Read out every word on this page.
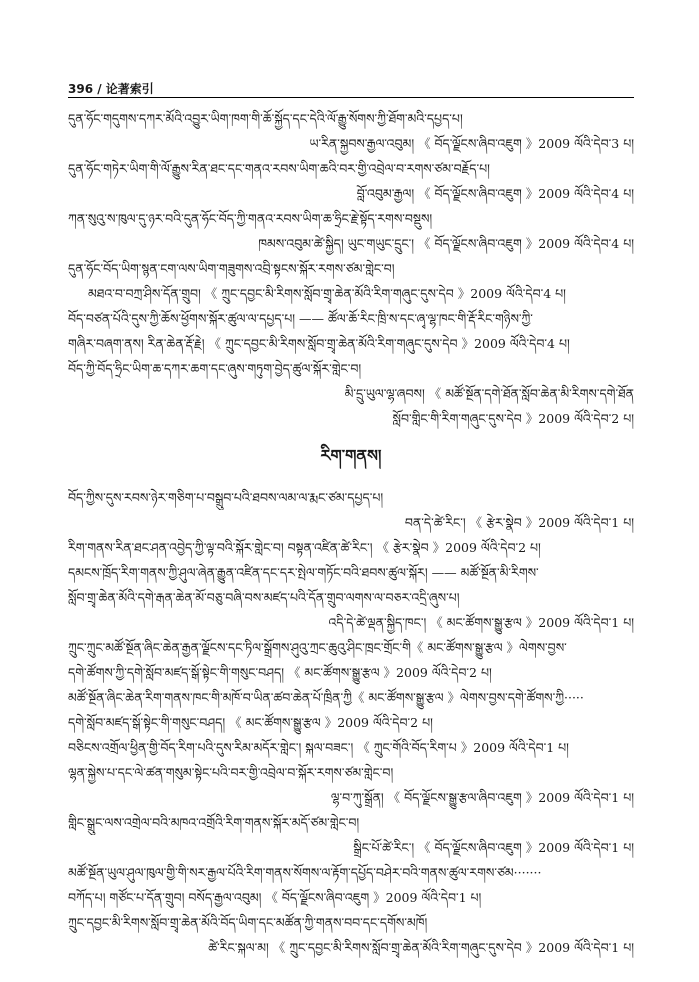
396 / 论著索引
དུན་ཧོང་གདུགས་དཀར་མོའི་འབྱུར་ཡིག་ཁག་གི་ཆོ་སྐྱོད་དང་དེའི་ལོ་རྒྱུ་སོགས་ཀྱི་ཐོག་མའི་དཔྱད་པ།
ཡ་རིན་སྐྱབས་རྒྱལ་འབུམ། 《 བོད་ལྗོངས་ཞིབ་འཇུག 》2009 ལོའི་དེབ་3 པ།
དུན་ཧོང་གཏེར་ཡིག་གི་ལོ་རྒྱུས་རིན་ཐང་དང་གནའ་རབས་ཡིག་ཆའི་བར་གྱི་འབྲེལ་བ་རགས་ཙམ་བརྗོད་པ།
བློ་འབུམ་རྒྱལ། 《 བོད་ལྗོངས་ཞིབ་འཇུག 》2009 ལོའི་དེབ་4 པ།
ཀན་སུའུ་ས་ཁུལ་དུ་ཉར་བའི་དུན་ཧོང་བོད་ཀྱི་གནའ་རབས་ཡིག་ཆ་ཧྲིང་རྗེ་སྟོད་རགས་བསྡུས།
ཁམས་འབུམ་ཚེ་སྐྱིད། ཡུང་གཡུང་དྲུང་། 《 བོད་ལྗོངས་ཞིབ་འཇུག 》2009 ལོའི་དེབ་4 པ།
དུན་ཧོང་བོད་ཡིག་སྙན་ངག་ལས་ཡིག་གཟུགས་འབྲི་སྟངས་སྐོར་རགས་ཙམ་གླེང་བ།
མཐའ་བ་བཀྲ་ཤིས་དོན་གྲུབ། 《 ཀྲུང་དབྱང་མི་རིགས་སློབ་གྲྭ་ཆེན་མོའི་རིག་གཞུང་དུས་དེབ 》2009 ལོའི་དེབ་4 པ།
བོད་བཙན་པོའི་དུས་ཀྱི་ཆོས་ཕྱོགས་སྐོར་ཚུལ་ལ་དཔྱད་པ། —— ཚོལ་ཆོ་རིང་ཁྲི་ས་དང་ཞྭ་ལྷ་ཁང་གི་རྡོ་རིང་གཉིས་ཀྱི་
གཞིར་བཞག་ནས། རིན་ཆེན་རྡོ་རྗེ། 《 ཀྲུང་དབྱང་མི་རིགས་སློབ་གྲྭ་ཆེན་མོའི་རིག་གཞུང་དུས་དེབ 》2009 ལོའི་དེབ་4 པ།
བོད་ཀྱི་བོད་ཧྲིང་ཡིག་ཆ་དཀར་ཆག་དང་ཞུས་གཏུག་བྱེད་ཚུལ་སྐོར་གླེང་བ།
མི་དྲུ་ཡུལ་ལྷ་ཞབས། 《 མཚོ་སྔོན་དགེ་ཐོན་སློབ་ཆེན་མི་རིགས་དགེ་ཐོན
སློབ་གླིང་གི་རིག་གཞུང་དུས་དེབ 》2009 ལོའི་དེབ་2 པ།
རིག་གནས།
བོད་ཀྱིས་དུས་རབས་ཉེར་གཅིག་པ་བསྒྲུབ་པའི་ཐབས་ལམ་ལ་རྨང་ཙམ་དཔྱད་པ།
བན་དེ་ཚེ་རིང་། 《 རྩེར་སྣེབ 》2009 ལོའི་དེབ་1 པ།
རིག་གནས་རིན་ཐང་ཤན་འབྱེད་ཀྱི་ལྟ་བའི་སྐོར་གླེང་བ། བསྟན་འཛིན་ཚེ་རིང་། 《 རྩེར་སྣེབ 》2009 ལོའི་དེབ་2 པ།
དམངས་ཁྲོད་རིག་གནས་ཀྱི་ཤུལ་ཞེན་རྒྱུན་འཛིན་དང་དར་སྤེལ་གཏོང་བའི་ཐབས་ཚུལ་སྐོར། —— མཚོ་སྔོན་མི་རིགས་
སློབ་གྲྭ་ཆེན་མོའི་དགེ་རྒན་ཆེན་མོ་བཅུ་བཞི་བས་མཛད་པའི་དོན་གྲུབ་ལགས་ལ་བཅར་འདྲི་ཞུས་པ།
འདི་དེ་ཚེ་ལྡན་སྐྱིད་ཁང་། 《 མང་ཚོགས་སྒྱུ་རྩལ 》2009 ལོའི་དེབ་1 པ།
ཀྲུང་ཀྲུང་མཚོ་སྔོན་ཞིང་ཆེན་རྒྱན་ལྗོངས་དང་ཏིལ་སྒྲོགས་ཤུའུ་ཀྲང་ཆུའུ་ཤིང་ཁྲང་གྲོང་གི《 མང་ཚོགས་སྒྱུ་རྩལ 》ལེགས་བྱས་
དགེ་ཚོགས་ཀྱི་དགེ་སློབ་མཛད་སྒོ་སྟེང་གི་གསུང་བཤད། 《 མང་ཚོགས་སྒྱུ་རྩལ 》2009 ལོའི་དེབ་2 པ།
མཚོ་སྔོན་ཞིང་ཆེན་རིག་གནས་ཁང་གི་མཁོ་བ་ཡིན་ཚབ་ཆེན་པོ་ཁྲིན་ཀྱི《 མང་ཚོགས་སྒྱུ་རྩལ 》ལེགས་བྱས་དགེ་ཚོགས་ཀྱི·····
དགེ་སློབ་མཛད་སྒོ་སྟེང་གི་གསུང་བཤད། 《 མང་ཚོགས་སྒྱུ་རྩལ 》2009 ལོའི་དེབ་2 པ།
བཅིངས་འགྲོལ་ཕྱིན་གྱི་བོད་རིག་པའི་དུས་རིམ་མདོར་གླེང་། སྐལ་བཟང་། 《 ཀྲུང་གོའི་བོད་རིག་པ 》2009 ལོའི་དེབ་1 པ།
ལྷན་སྐྱེས་པ་དང་ལེ་ཚན་གསུམ་སྟེང་པའི་བར་གྱི་འབྲེལ་བ་སྐོར་རགས་ཙམ་གླེང་བ།
ལྷ་བ་ཀུ་སྒྲོན། 《 བོད་ལྗོངས་སྒྱུ་རྩལ་ཞིབ་འཇུག 》2009 ལོའི་དེབ་1 པ།
གླིང་སྒྲུང་ལས་འགྲེལ་བའི་མཁའ་འགྲོའི་རིག་གནས་སྐོར་མདོ་ཙམ་གླེང་བ།
སྒྲིང་པོ་ཚེ་རིང་། 《 བོད་ལྗོངས་ཞིབ་འཇུག 》2009 ལོའི་དེབ་1 པ།
མཚོ་སྔོན་ཡུལ་ཤུལ་ཁུལ་གྱི་གི་སར་རྒྱལ་པོའི་རིག་གནས་སོགས་ལ་རྟོག་དཔྱོད་བཤེར་བའི་གནས་ཚུལ་རགས་ཙམ·······
བཀོད་པ། གཙོང་པ་དོན་གྲུབ། བསོད་རྒྱལ་འབུམ། 《 བོད་ལྗོངས་ཞིབ་འཇུག 》2009 ལོའི་དེབ་1 པ།
ཀྲུང་དབྱང་མི་རིགས་སློབ་གྲྭ་ཆེན་མོའི་བོད་ཡིག་དང་མཚོན་ཀྱི་གནས་བབ་དང་དགོས་མཁོ།
ཚེ་རིང་སྐལ་མ། 《 ཀྲུང་དབྱང་མི་རིགས་སློབ་གྲྭ་ཆེན་མོའི་རིག་གཞུང་དུས་དེབ 》2009 ལོའི་དེབ་1 པ།
